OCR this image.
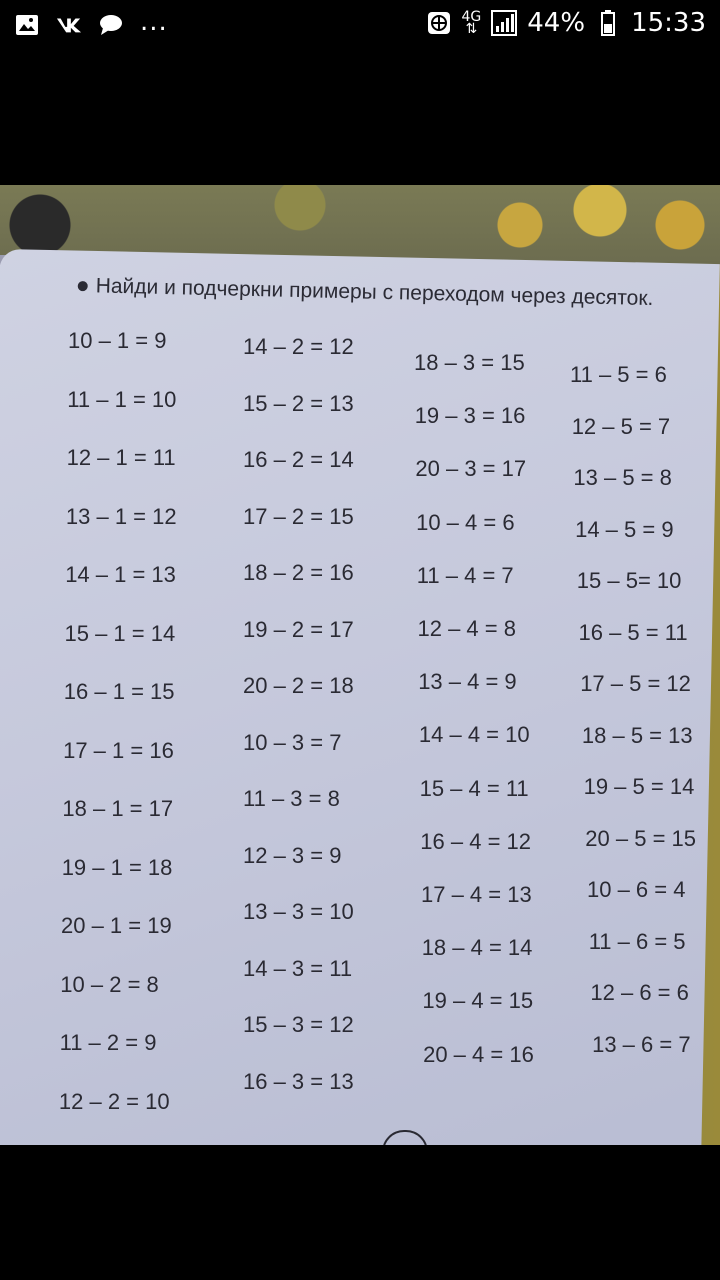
...	4G
⇅ 44% 15:33
Найди и подчеркни примеры с переходом через десяток.
10 – 1 = 9
11 – 1 = 10
12 – 1 = 11
13 – 1 = 12
14 – 1 = 13
15 – 1 = 14
16 – 1 = 15
17 – 1 = 16
18 – 1 = 17
19 – 1 = 18
20 – 1 = 19
10 – 2 = 8
11 – 2 = 9
12 – 2 = 10
14 – 2 = 12
15 – 2 = 13
16 – 2 = 14
17 – 2 = 15
18 – 2 = 16
19 – 2 = 17
20 – 2 = 18
10 – 3 = 7
11 – 3 = 8
12 – 3 = 9
13 – 3 = 10
14 – 3 = 11
15 – 3 = 12
16 – 3 = 13
18 – 3 = 15
19 – 3 = 16
20 – 3 = 17
10 – 4 = 6
11 – 4 = 7
12 – 4 = 8
13 – 4 = 9
14 – 4 = 10
15 – 4 = 11
16 – 4 = 12
17 – 4 = 13
18 – 4 = 14
19 – 4 = 15
20 – 4 = 16
11 – 5 = 6
12 – 5 = 7
13 – 5 = 8
14 – 5 = 9
15 – 5= 10
16 – 5 = 11
17 – 5 = 12
18 – 5 = 13
19 – 5 = 14
20 – 5 = 15
10 – 6 = 4
11 – 6 = 5
12 – 6 = 6
13 – 6 = 7
